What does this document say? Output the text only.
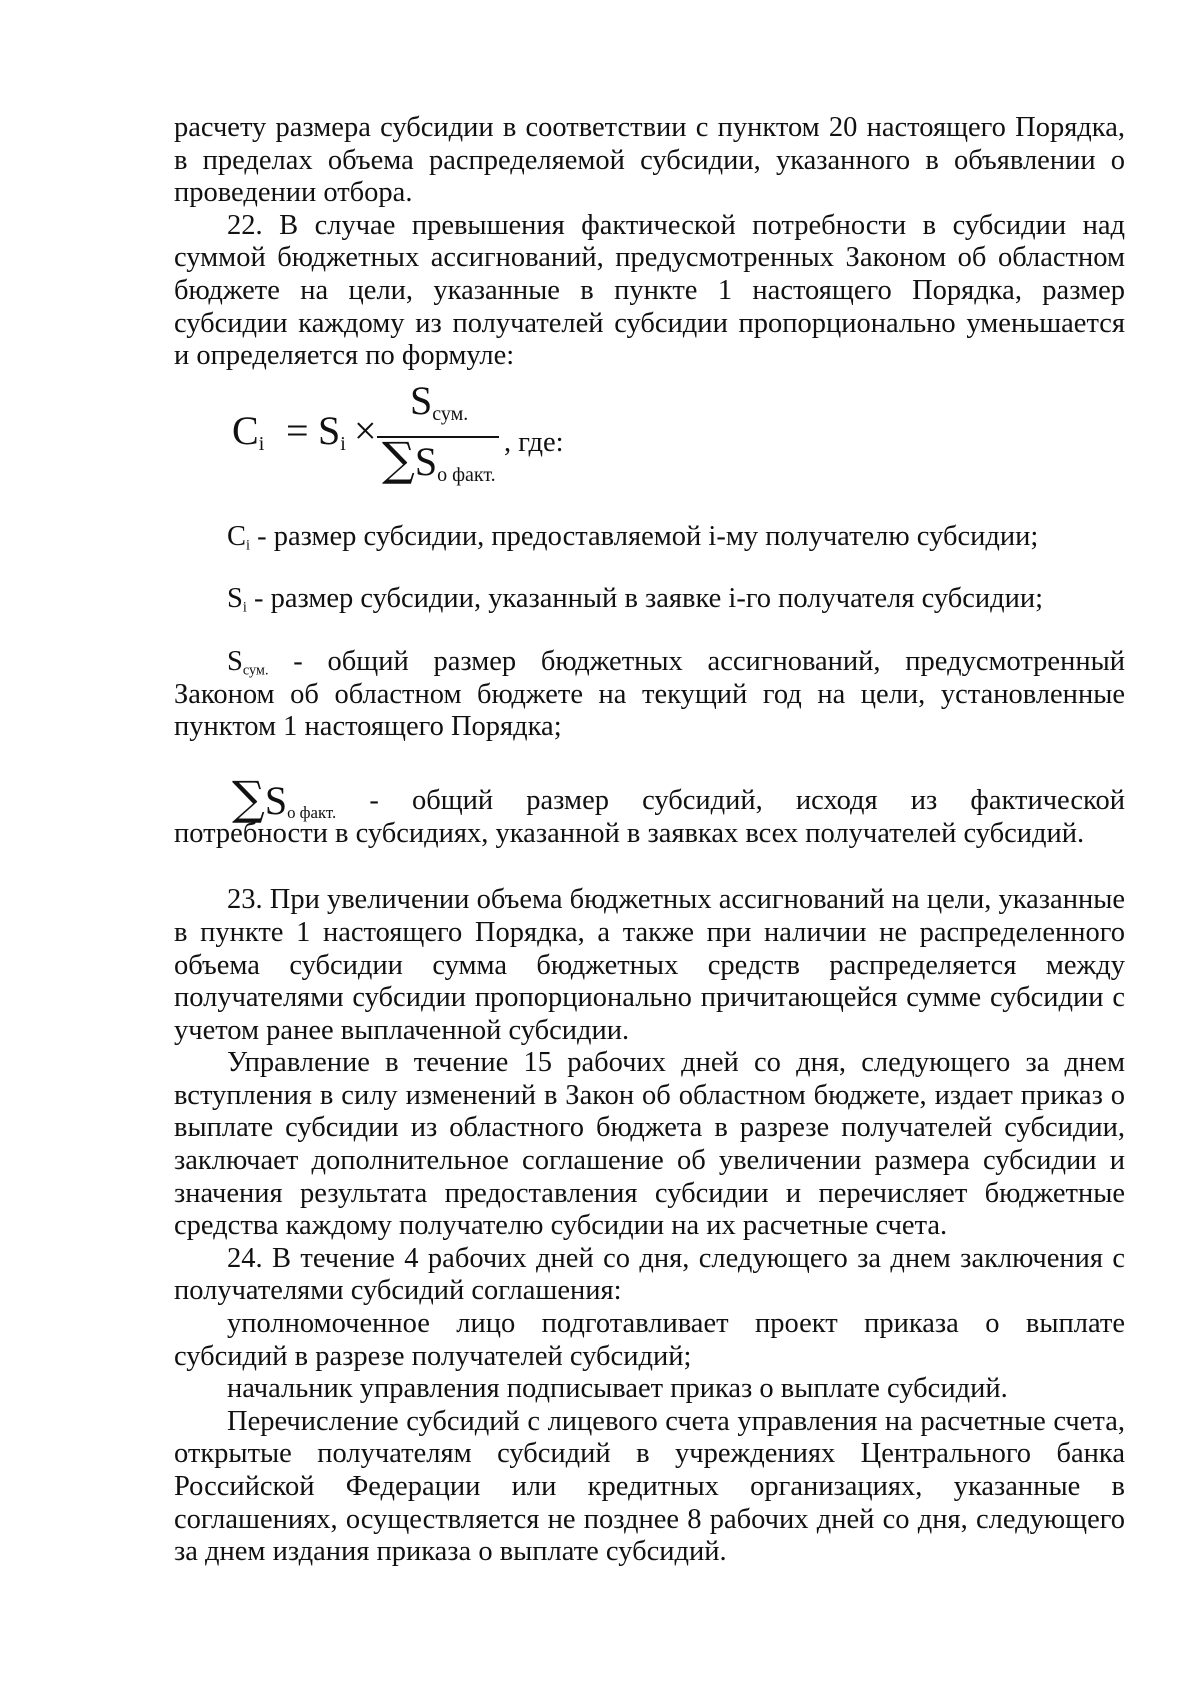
расчету размера субсидии в соответствии с пунктом 20 настоящего Порядка, в пределах объема распределяемой субсидии, указанного в объявлении о проведении отбора.

22. В случае превышения фактической потребности в субсидии над суммой бюджетных ассигнований, предусмотренных Законом об областном бюджете на цели, указанные в пункте 1 настоящего Порядка, размер субсидии каждому из получателей субсидии пропорционально уменьшается и определяется по формуле:

$C_i = S_i$ ×
$S_{сум.}$
$\sum S_{о факт.}$
, где:

$C_i$ - размер субсидии, предоставляемой i-му получателю субсидии;

$S_i$ - размер субсидии, указанный в заявке i-го получателя субсидии;

$S_{сум.}$ - общий размер бюджетных ассигнований, предусмотренный Законом об областном бюджете на текущий год на цели, установленные пунктом 1 настоящего Порядка;

$\sum S_{о факт.}$ - общий размер субсидий, исходя из фактической

потребности в субсидиях, указанной в заявках всех получателей субсидий.

23. При увеличении объема бюджетных ассигнований на цели, указанные в пункте 1 настоящего Порядка, а также при наличии не распределенного объема субсидии сумма бюджетных средств распределяется между получателями субсидии пропорционально причитающейся сумме субсидии с учетом ранее выплаченной субсидии.

Управление в течение 15 рабочих дней со дня, следующего за днем вступления в силу изменений в Закон об областном бюджете, издает приказ о выплате субсидии из областного бюджета в разрезе получателей субсидии, заключает дополнительное соглашение об увеличении размера субсидии и значения результата предоставления субсидии и перечисляет бюджетные средства каждому получателю субсидии на их расчетные счета.

24. В течение 4 рабочих дней со дня, следующего за днем заключения с получателями субсидий соглашения:

уполномоченное лицо подготавливает проект приказа о выплате субсидий в разрезе получателей субсидий;

начальник управления подписывает приказ о выплате субсидий.

Перечисление субсидий с лицевого счета управления на расчетные счета, открытые получателям субсидий в учреждениях Центрального банка Российской Федерации или кредитных организациях, указанные в соглашениях, осуществляется не позднее 8 рабочих дней со дня, следующего за днем издания приказа о выплате субсидий.
